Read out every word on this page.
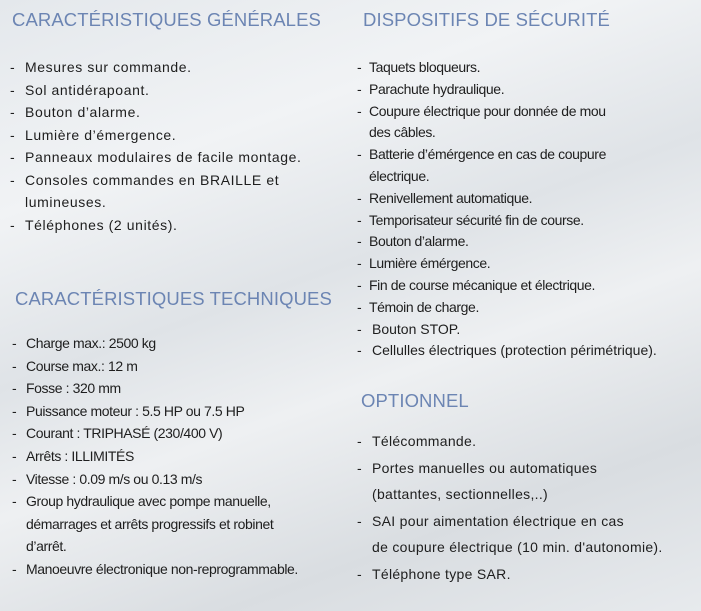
CARACTÉRISTIQUES GÉNÉRALES
- Mesures sur commande.
- Sol antidérapoant.
- Bouton d’alarme.
- Lumière d’émergence.
- Panneaux modulaires de facile montage.
- Consoles commandes en BRAILLE et
lumineuses.
- Téléphones (2 unités).
CARACTÉRISTIQUES TECHNIQUES
- Charge max.: 2500 kg
- Course max.: 12 m
- Fosse : 320 mm
- Puissance moteur : 5.5 HP ou 7.5 HP
- Courant : TRIPHASÉ (230/400 V)
- Arrêts : ILLIMITÉS
- Vitesse : 0.09 m/s ou 0.13 m/s
- Group hydraulique avec pompe manuelle,
démarrages et arrêts progressifs et robinet
d’arrêt.
- Manoeuvre électronique non-reprogrammable.
DISPOSITIFS DE SÉCURITÉ
- Taquets bloqueurs.
- Parachute hydraulique.
- Coupure électrique pour donnée de mou
des câbles.
- Batterie d’émérgence en cas de coupure
électrique.
- Renivellement automatique.
- Temporisateur sécurité fin de course.
- Bouton d’alarme.
- Lumière émérgence.
- Fin de course mécanique et électrique.
- Témoin de charge.
- Bouton STOP.
- Cellulles électriques (protection périmétrique).
OPTIONNEL
- Télécommande.
- Portes manuelles ou automatiques
(battantes, sectionnelles,..)
- SAI pour aimentation électrique en cas
de coupure électrique (10 min. d'autonomie).
- Téléphone type SAR.
